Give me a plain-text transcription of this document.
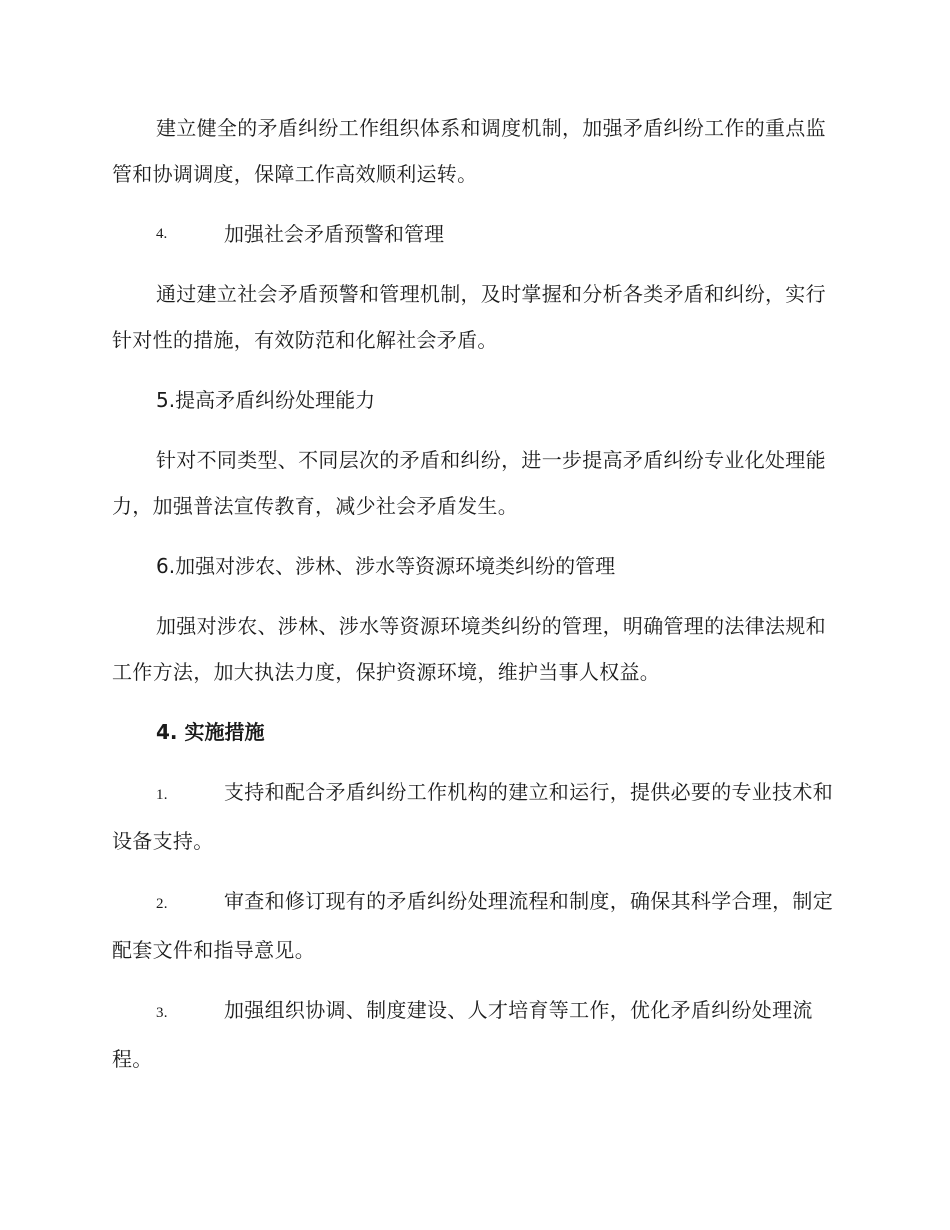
建立健全的矛盾纠纷工作组织体系和调度机制，加强矛盾纠纷工作的重点监管和协调调度，保障工作高效顺利运转。

4.	加强社会矛盾预警和管理

通过建立社会矛盾预警和管理机制，及时掌握和分析各类矛盾和纠纷，实行针对性的措施，有效防范和化解社会矛盾。

5.提高矛盾纠纷处理能力

针对不同类型、不同层次的矛盾和纠纷，进一步提高矛盾纠纷专业化处理能力，加强普法宣传教育，减少社会矛盾发生。

6.加强对涉农、涉林、涉水等资源环境类纠纷的管理

加强对涉农、涉林、涉水等资源环境类纠纷的管理，明确管理的法律法规和工作方法，加大执法力度，保护资源环境，维护当事人权益。

4. 实施措施
1.	支持和配合矛盾纠纷工作机构的建立和运行，提供必要的专业技术和设备支持。
2.	审查和修订现有的矛盾纠纷处理流程和制度，确保其科学合理，制定配套文件和指导意见。
3.	加强组织协调、制度建设、人才培育等工作，优化矛盾纠纷处理流程。
